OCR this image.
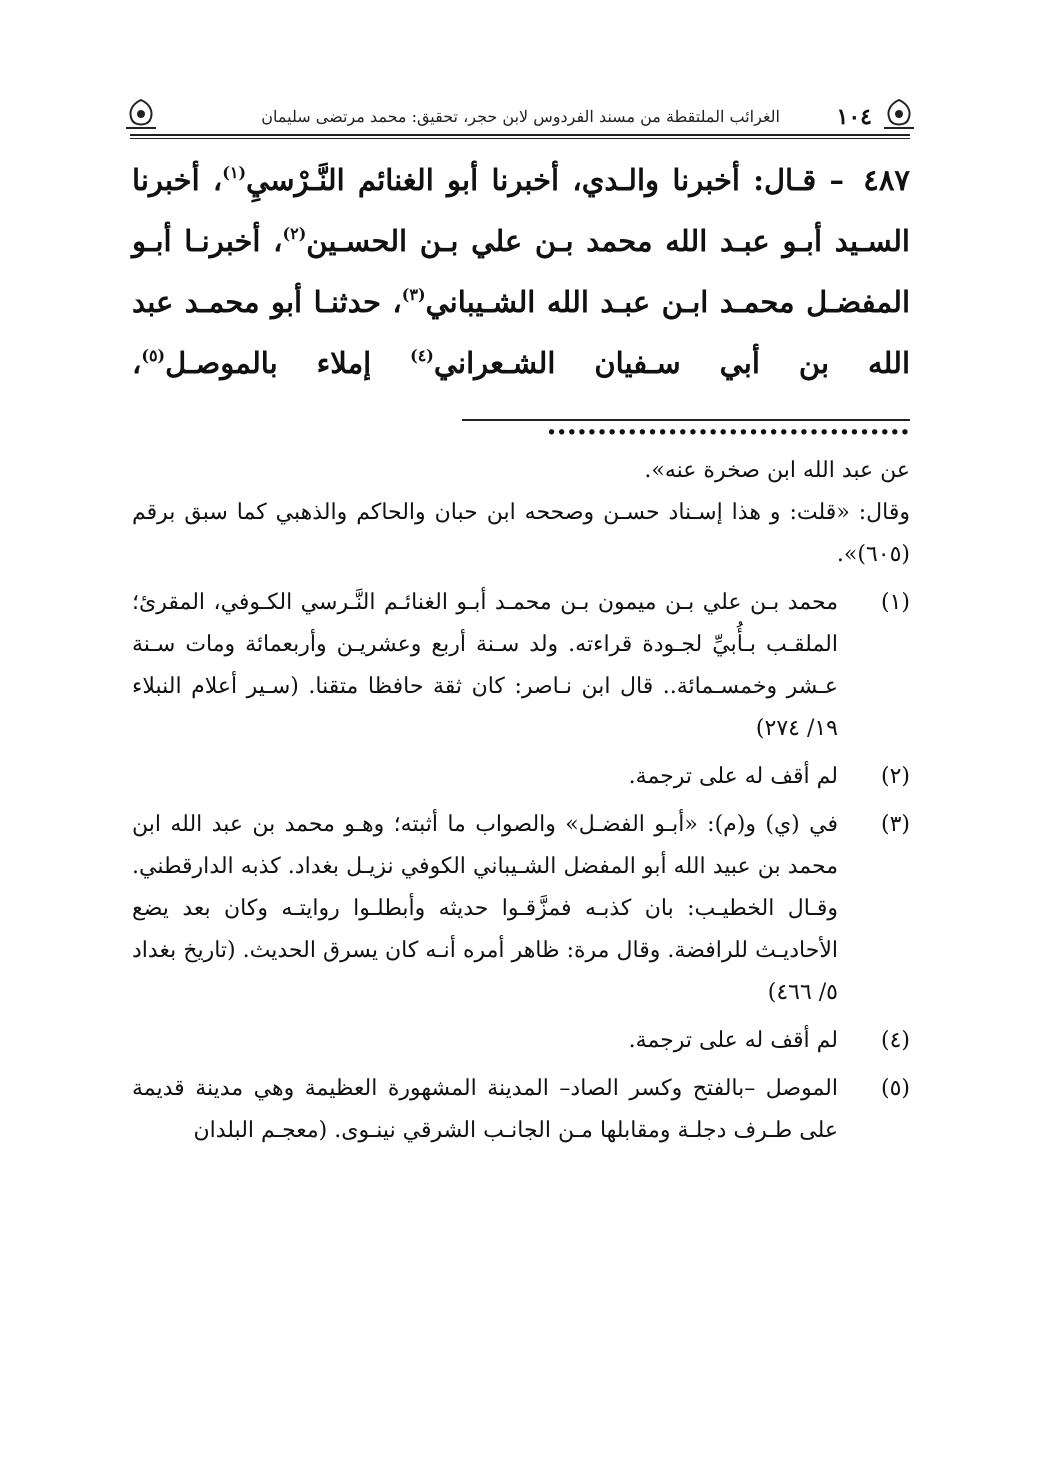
١٠٤
الغرائب الملتقطة من مسند الفردوس لابن حجر، تحقيق: محمد مرتضى سليمان
٤٨٧ – قـال: أخبرنا والـدي، أخبرنا أبو الغنائم النَّـرْسيِ$^{(١)}$، أخبرنا السـيد أبـو عبـد الله محمد بـن علي بـن الحسـين$^{(٢)}$، أخبرنـا أبـو المفضـل محمـد ابـن عبـد الله الشـيباني$^{(٣)}$، حدثنـا أبو محمـد عبد الله بن أبي سـفيان الشـعراني$^{(٤)}$ إملاء بالموصـل$^{(٥)}$، ....................................

عن عبد الله ابن صخرة عنه».

وقال: «قلت: و هذا إسـناد حسـن وصححه ابن حبان والحاكم والذهبي كما سبق برقم (٦٠٥)».

(١)
محمد بـن علي بـن ميمون بـن محمـد أبـو الغنائـم النَّـرسي الكـوفي، المقرئ؛ الملقـب بـأُبيِّ لجـودة قراءته. ولد سـنة أربع وعشريـن وأربعمائة ومات سـنة عـشر وخمسـمائة.. قال ابن نـاصر: كان ثقة حافظا متقنا. (سـير أعلام النبلاء ١٩/ ٢٧٤)
(٢)
لم أقف له على ترجمة.
(٣)
في (ي) و(م): «أبـو الفضـل» والصواب ما أثبته؛ وهـو محمد بن عبد الله ابن محمد بن عبيد الله أبو المفضل الشـيباني الكوفي نزيـل بغداد. كذبه الدارقطني. وقـال الخطيـب: بان كذبـه فمزَّقـوا حديثه وأبطلـوا روايتـه وكان بعد يضع الأحاديـث للرافضة. وقال مرة: ظاهر أمره أنـه كان يسرق الحديث. (تاريخ بغداد ٥/ ٤٦٦)
(٤)
لم أقف له على ترجمة.
(٥)
الموصل –بالفتح وكسر الصاد– المدينة المشهورة العظيمة وهي مدينة قديمة على طـرف دجلـة ومقابلها مـن الجانـب الشرقي نينـوى. (معجـم البلدان
